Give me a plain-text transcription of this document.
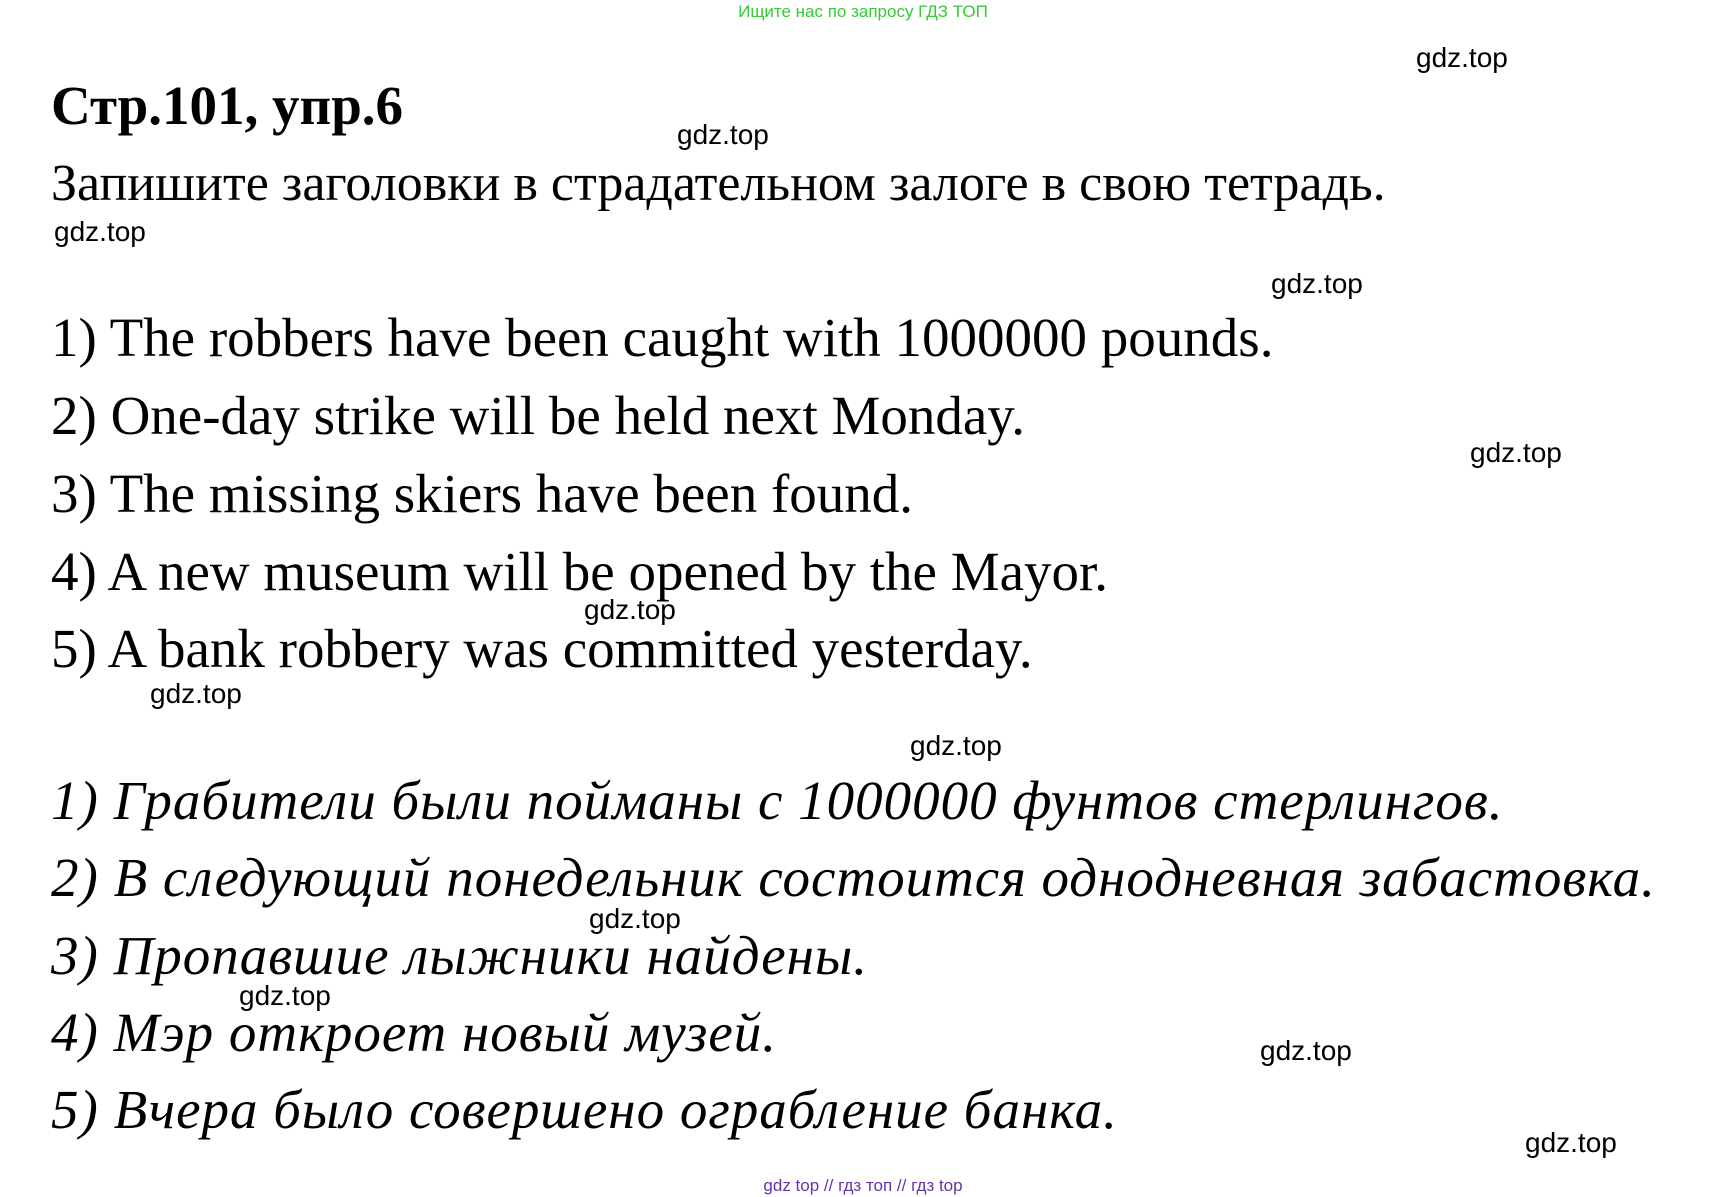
Ищите нас по запросу ГДЗ ТОП
Стр.101, упр.6
Запишите заголовки в страдательном залоге в свою тетрадь.
1) The robbers have been caught with 1000000 pounds.
2) One-day strike will be held next Monday.
3) The missing skiers have been found.
4) A new museum will be opened by the Mayor.
5) A bank robbery was committed yesterday.
1) Грабители были пойманы с 1000000 фунтов стерлингов.
2) В следующий понедельник состоится однодневная забастовка.
3) Пропавшие лыжники найдены.
4) Мэр откроет новый музей.
5) Вчера было совершено ограбление банка.
gdz.top
gdz.top
gdz.top
gdz.top
gdz.top
gdz.top
gdz.top
gdz.top
gdz.top
gdz.top
gdz.top
gdz.top
gdz top // гдз топ // гдз top
